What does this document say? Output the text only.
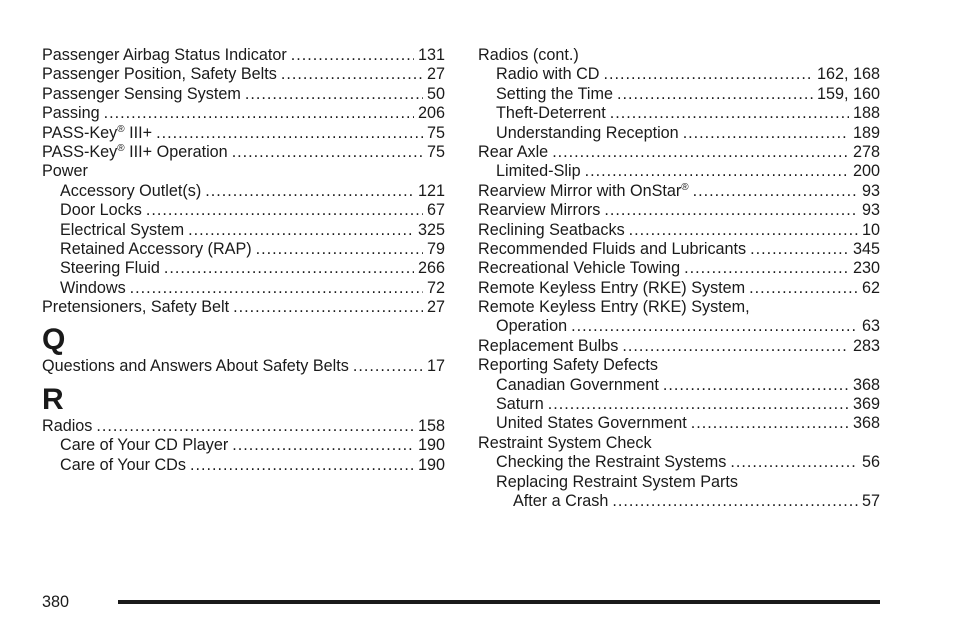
Passenger Airbag Status Indicator .....	131
Passenger Position, Safety Belts .....	27
Passenger Sensing System .....	50
Passing .....	206
PASS-Key® III+ .....	75
PASS-Key® III+ Operation .....	75
Power
Accessory Outlet(s) .....	121
Door Locks .....	67
Electrical System .....	325
Retained Accessory (RAP) .....	79
Steering Fluid .....	266
Windows .....	72
Pretensioners, Safety Belt .....	27
Q
Questions and Answers About Safety Belts .....	17
R
Radios .....	158
Care of Your CD Player .....	190
Care of Your CDs .....	190
Radios (cont.)
Radio with CD .....	162, 168
Setting the Time .....	159, 160
Theft-Deterrent .....	188
Understanding Reception .....	189
Rear Axle .....	278
Limited-Slip .....	200
Rearview Mirror with OnStar® .....	93
Rearview Mirrors .....	93
Reclining Seatbacks .....	10
Recommended Fluids and Lubricants .....	345
Recreational Vehicle Towing .....	230
Remote Keyless Entry (RKE) System .....	62
Remote Keyless Entry (RKE) System,
Operation .....	63
Replacement Bulbs .....	283
Reporting Safety Defects
Canadian Government .....	368
Saturn .....	369
United States Government .....	368
Restraint System Check
Checking the Restraint Systems .....	56
Replacing Restraint System Parts
After a Crash .....	57
380
